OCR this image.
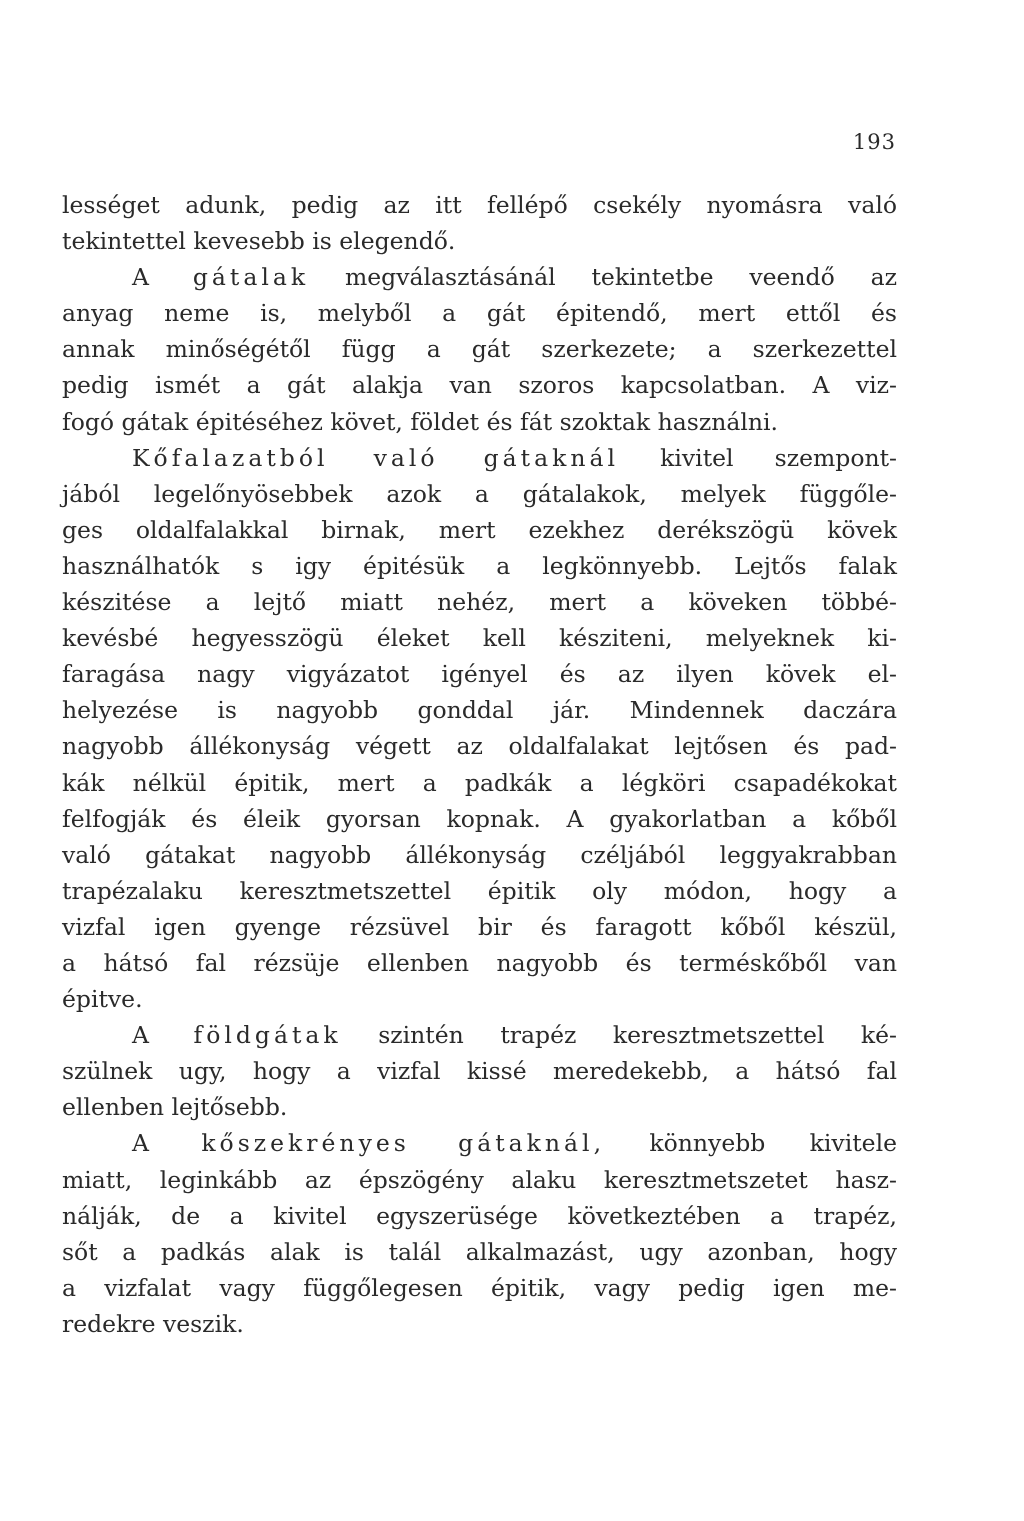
193
lességet adunk, pedig az itt fellépő csekély nyomásra való
tekintettel kevesebb is elegendő.
A gátalak megválasztásánál tekintetbe veendő az
anyag neme is, melyből a gát épitendő, mert ettől és
annak minőségétől függ a gát szerkezete; a szerkezettel
pedig ismét a gát alakja van szoros kapcsolatban. A viz-
fogó gátak épitéséhez követ, földet és fát szoktak használni.
Kőfalazatból való gátaknál kivitel szempont-
jából legelőnyösebbek azok a gátalakok, melyek függőle-
ges oldalfalakkal birnak, mert ezekhez derékszögü kövek
használhatók s igy épitésük a legkönnyebb. Lejtős falak
készitése a lejtő miatt nehéz, mert a köveken többé-
kevésbé hegyesszögü éleket kell késziteni, melyeknek ki-
faragása nagy vigyázatot igényel és az ilyen kövek el-
helyezése is nagyobb gonddal jár. Mindennek daczára
nagyobb állékonyság végett az oldalfalakat lejtősen és pad-
kák nélkül épitik, mert a padkák a légköri csapadékokat
felfogják és éleik gyorsan kopnak. A gyakorlatban a kőből
való gátakat nagyobb állékonyság czéljából leggyakrabban
trapézalaku keresztmetszettel épitik oly módon, hogy a
vizfal igen gyenge rézsüvel bir és faragott kőből készül,
a hátsó fal rézsüje ellenben nagyobb és terméskőből van
épitve.
A földgátak szintén trapéz keresztmetszettel ké-
szülnek ugy, hogy a vizfal kissé meredekebb, a hátsó fal
ellenben lejtősebb.
A kőszekrényes gátaknál, könnyebb kivitele
miatt, leginkább az épszögény alaku keresztmetszetet hasz-
nálják, de a kivitel egyszerüsége következtében a trapéz,
sőt a padkás alak is talál alkalmazást, ugy azonban, hogy
a vizfalat vagy függőlegesen épitik, vagy pedig igen me-
redekre veszik.
